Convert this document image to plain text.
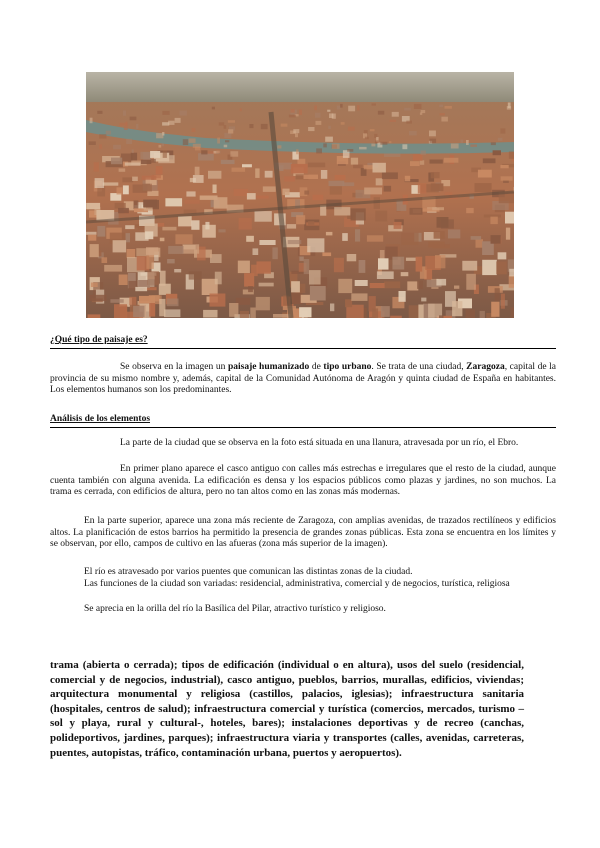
¿Qué tipo de paisaje es?

Se observa en la imagen un paisaje humanizado de tipo urbano. Se trata de una ciudad, Zaragoza, capital de la provincia de su mismo nombre y, además, capital de la Comunidad Autónoma de Aragón y quinta ciudad de España en habitantes. Los elementos humanos son los predominantes.

Análisis de los elementos

La parte de la ciudad que se observa en la foto está situada en una llanura, atravesada por un río, el Ebro.

En primer plano aparece el casco antiguo con calles más estrechas e irregulares que el resto de la ciudad, aunque cuenta también con alguna avenida. La edificación es densa y los espacios públicos como plazas y jardines, no son muchos. La trama es cerrada, con edificios de altura, pero no tan altos como en las zonas más modernas.

En la parte superior, aparece una zona más reciente de Zaragoza, con amplias avenidas, de trazados rectilíneos y edificios altos. La planificación de estos barrios ha permitido la presencia de grandes zonas públicas. Esta zona se encuentra en los límites y se observan, por ello, campos de cultivo en las afueras (zona más superior de la imagen).

El río es atravesado por varios puentes que comunican las distintas zonas de la ciudad.

Las funciones de la ciudad son variadas: residencial, administrativa, comercial y de negocios, turística, religiosa

Se aprecia en la orilla del río la Basílica del Pilar, atractivo turístico y religioso.

trama (abierta o cerrada); tipos de edificación (individual o en altura), usos del suelo (residencial, comercial y de negocios, industrial), casco antiguo, pueblos, barrios, murallas, edificios, viviendas; arquitectura monumental y religiosa (castillos, palacios, iglesias); infraestructura sanitaria (hospitales, centros de salud); infraestructura comercial y turística (comercios, mercados, turismo –sol y playa, rural y cultural-, hoteles, bares); instalaciones deportivas y de recreo (canchas, polideportivos, jardines, parques); infraestructura viaria y transportes (calles, avenidas, carreteras, puentes, autopistas, tráfico, contaminación urbana, puertos y aeropuertos).
